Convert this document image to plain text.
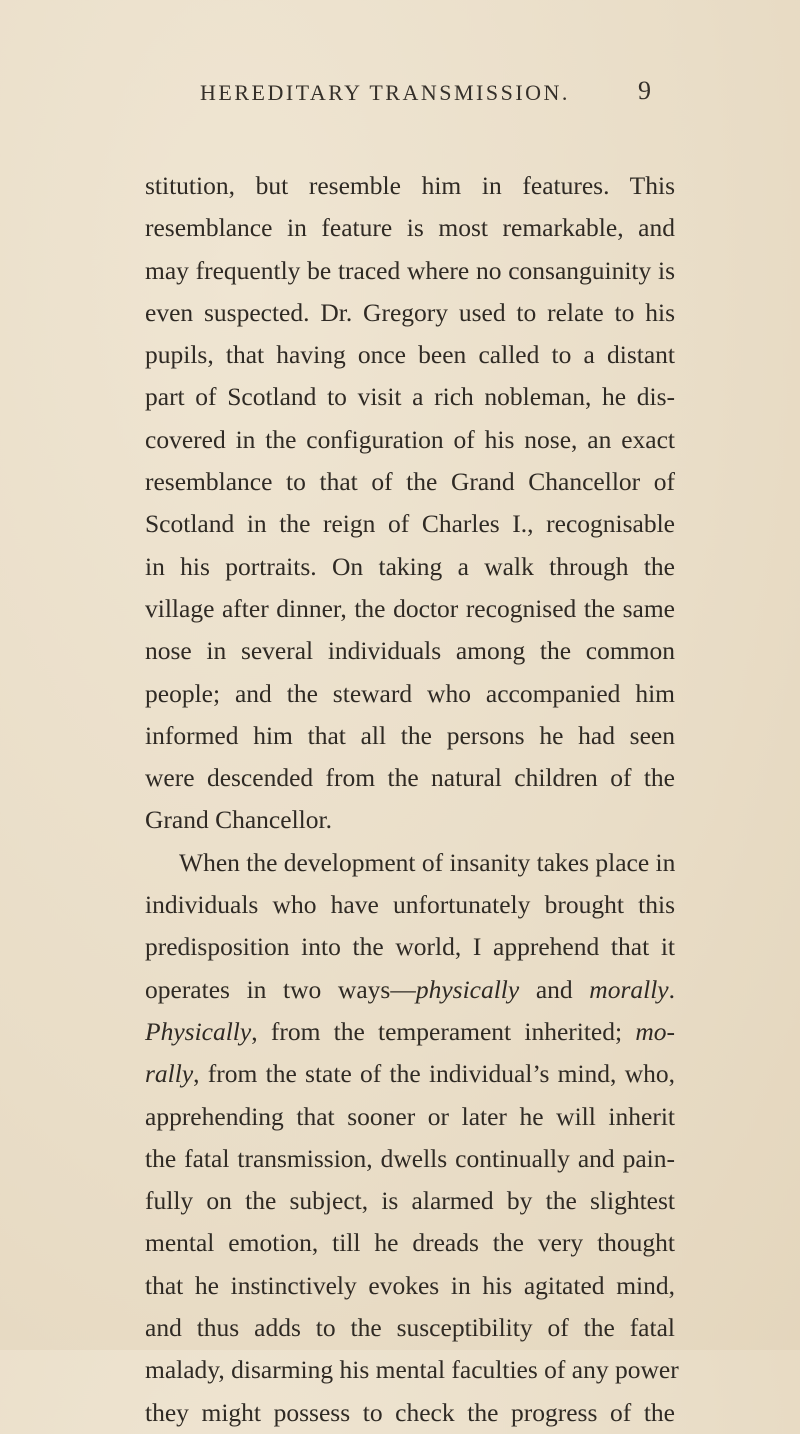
HEREDITARY TRANSMISSION.	9
stitution, but resemble him in features. This
resemblance in feature is most remarkable, and
may frequently be traced where no consanguinity is
even suspected. Dr. Gregory used to relate to his
pupils, that having once been called to a distant
part of Scotland to visit a rich nobleman, he dis-
covered in the configuration of his nose, an exact
resemblance to that of the Grand Chancellor of
Scotland in the reign of Charles I., recognisable
in his portraits. On taking a walk through the
village after dinner, the doctor recognised the same
nose in several individuals among the common
people; and the steward who accompanied him
informed him that all the persons he had seen
were descended from the natural children of the
Grand Chancellor.
When the development of insanity takes place in
individuals who have unfortunately brought this
predisposition into the world, I apprehend that it
operates in two ways—physically and morally.
Physically, from the temperament inherited; mo-
rally, from the state of the individual’s mind, who,
apprehending that sooner or later he will inherit
the fatal transmission, dwells continually and pain-
fully on the subject, is alarmed by the slightest
mental emotion, till he dreads the very thought
that he instinctively evokes in his agitated mind,
and thus adds to the susceptibility of the fatal
malady, disarming his mental faculties of any power
they might possess to check the progress of the
